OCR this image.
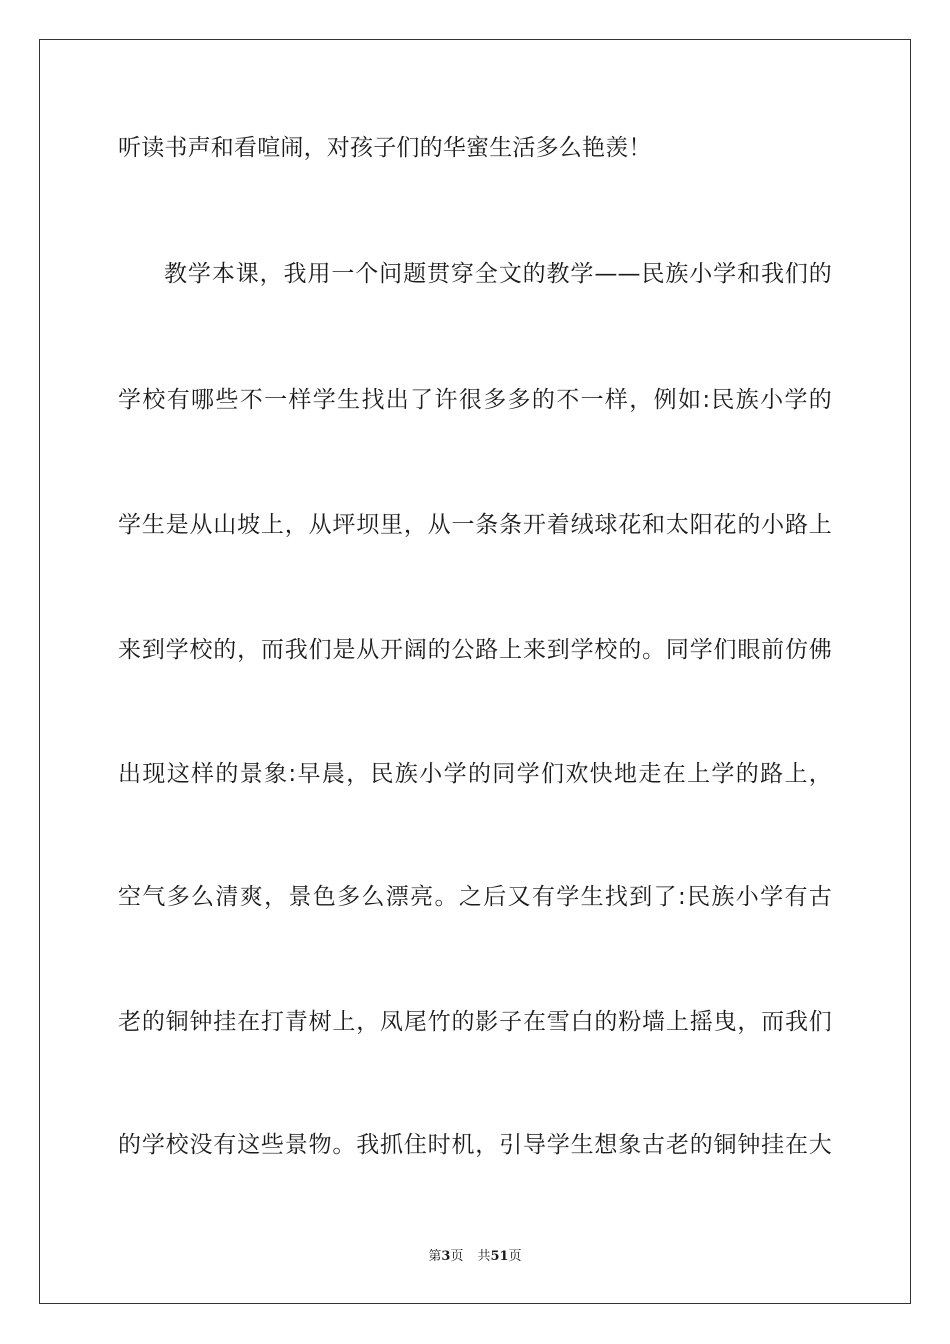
听读书声和看喧闹，对孩子们的华蜜生活多么艳羡！
教学本课，我用一个问题贯穿全文的教学——民族小学和我们的
学校有哪些不一样学生找出了许很多多的不一样，例如:民族小学的
学生是从山坡上，从坪坝里，从一条条开着绒球花和太阳花的小路上
来到学校的，而我们是从开阔的公路上来到学校的。同学们眼前仿佛
出现这样的景象:早晨，民族小学的同学们欢快地走在上学的路上，
空气多么清爽，景色多么漂亮。之后又有学生找到了:民族小学有古
老的铜钟挂在打青树上，凤尾竹的影子在雪白的粉墙上摇曳，而我们
的学校没有这些景物。我抓住时机，引导学生想象古老的铜钟挂在大
第3页 共51页
